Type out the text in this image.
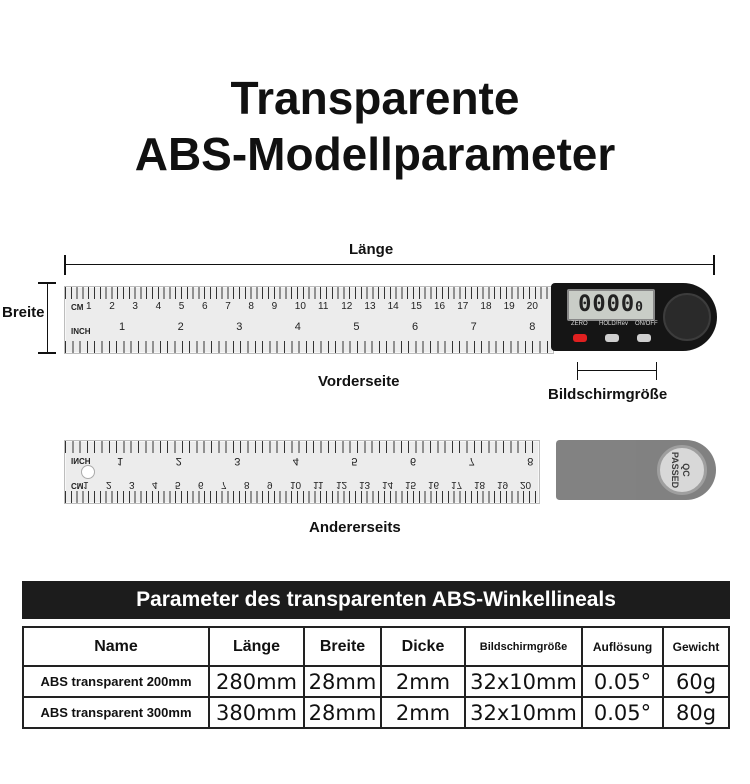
Transparente
ABS-Modellparameter
Länge
Breite	CM
INCH
1 2 3 4 5 6 7 8 9 10 11 12 13 14 15 16 17 18 19 20
1	2	3	4	5	6	7	8
00000
ZERO HOLD/Rev ON/OFF
Vorderseite
Bildschirmgröße
INCH
CM
1	2	3	4	5	6	7	8
1 2 3 4 5 6 7 8 9 10 11 12 13 14 15 16 17 18 19 20
QC
PASSED
Andererseits
Parameter des transparenten ABS-Winkellineals
Name	Länge	Breite	Dicke	Bildschirmgröße	Auflösung	Gewicht
ABS transparent 200mm	280mm	28mm	2mm	32x10mm	0.05°	60g
ABS transparent 300mm	380mm	28mm	2mm	32x10mm	0.05°	80g
